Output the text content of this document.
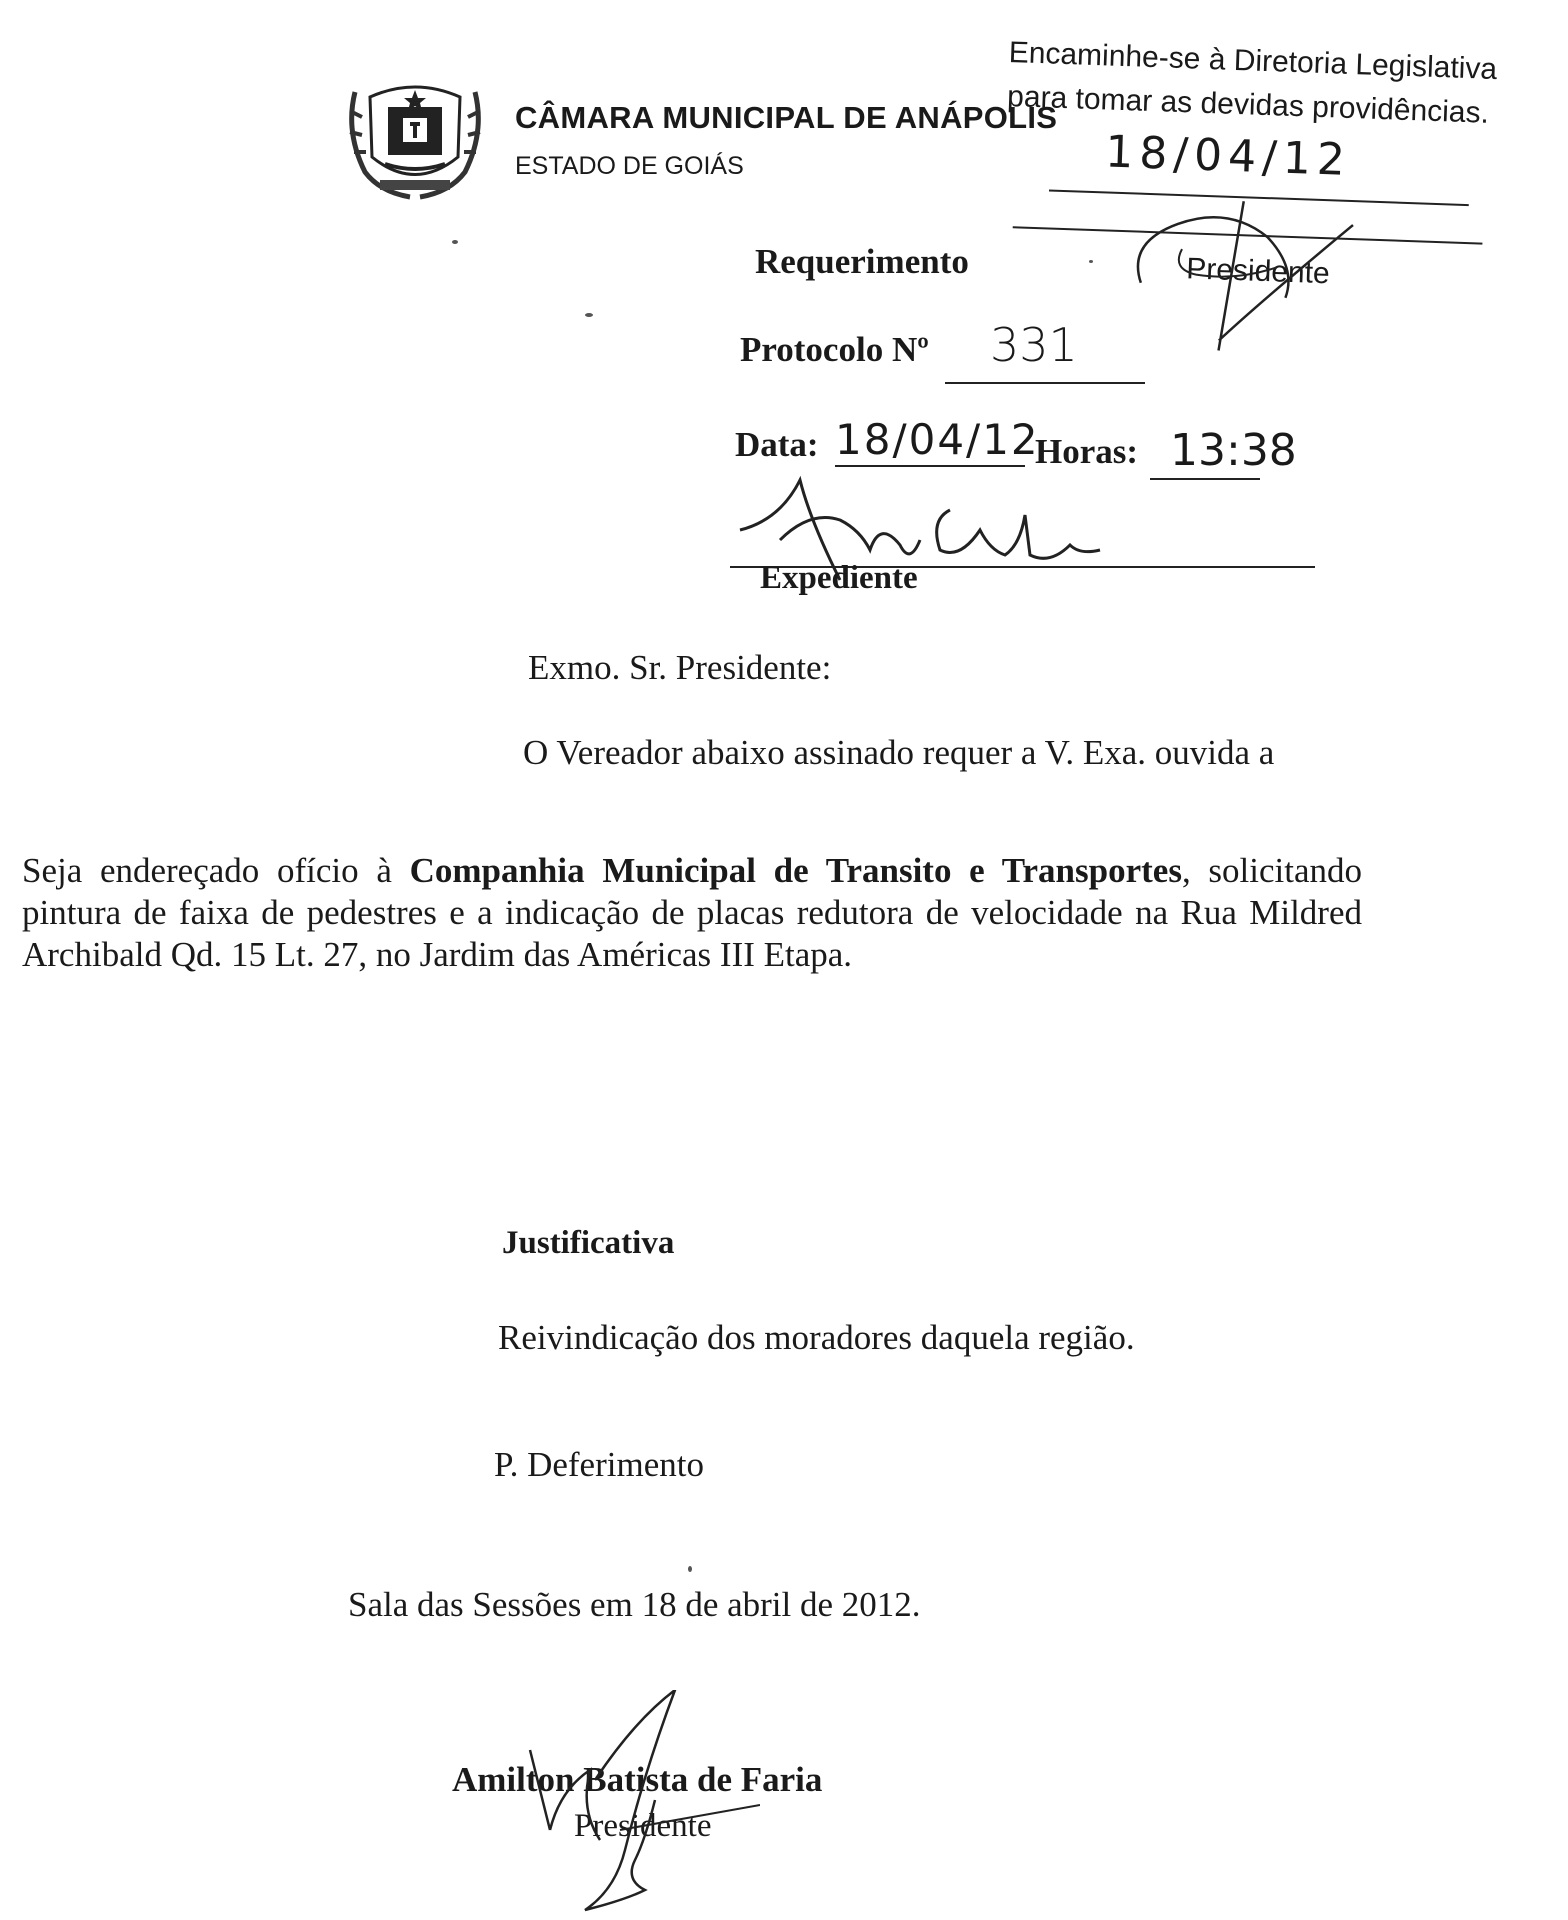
CÂMARA MUNICIPAL DE ANÁPOLIS
ESTADO DE GOIÁS
Encaminhe-se à Diretoria Legislativa
para tomar as devidas providências.
18/04/12
Presidente
Requerimento
Protocolo Nº 331
Data: 18/04/12
Horas: 13:38
Expediente
Exmo. Sr. Presidente:
O Vereador abaixo assinado requer a V. Exa. ouvida a
Seja endereçado ofício à Companhia Municipal de Transito e Transportes, solicitando pintura de faixa de pedestres e a indicação de placas redutora de velocidade na Rua Mildred Archibald Qd. 15 Lt. 27, no Jardim das Américas III Etapa.
Justificativa
Reivindicação dos moradores daquela região.
P. Deferimento
Sala das Sessões em 18 de abril de 2012.
Amilton Batista de Faria
Presidente
